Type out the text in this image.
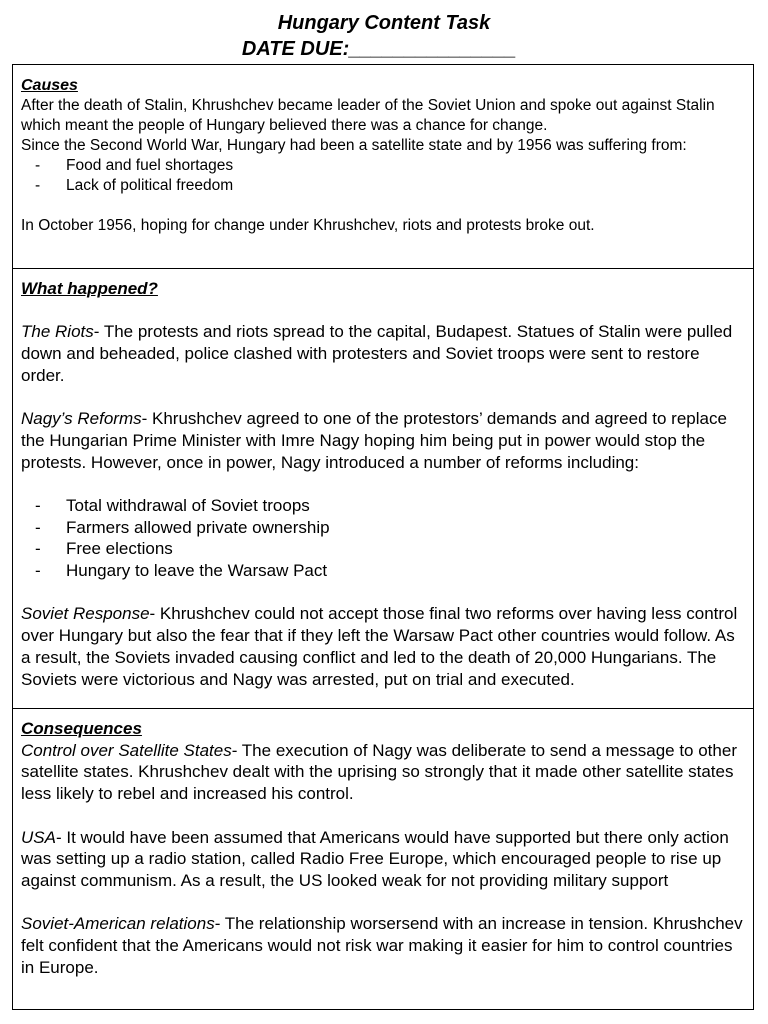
Hungary Content Task
DATE DUE:_______________
Causes

After the death of Stalin, Khrushchev became leader of the Soviet Union and spoke out against Stalin which meant the people of Hungary believed there was a chance for change.

Since the Second World War, Hungary had been a satellite state and by 1956 was suffering from:

- Food and fuel shortages
- Lack of political freedom

In October 1956, hoping for change under Khrushchev, riots and protests broke out.

What happened?

The Riots- The protests and riots spread to the capital, Budapest. Statues of Stalin were pulled down and beheaded, police clashed with protesters and Soviet troops were sent to restore order.

Nagy’s Reforms- Khrushchev agreed to one of the protestors’ demands and agreed to replace the Hungarian Prime Minister with Imre Nagy hoping him being put in power would stop the protests. However, once in power, Nagy introduced a number of reforms including:

- Total withdrawal of Soviet troops
- Farmers allowed private ownership
- Free elections
- Hungary to leave the Warsaw Pact

Soviet Response- Khrushchev could not accept those final two reforms over having less control over Hungary but also the fear that if they left the Warsaw Pact other countries would follow. As a result, the Soviets invaded causing conflict and led to the death of 20,000 Hungarians. The Soviets were victorious and Nagy was arrested, put on trial and executed.

Consequences

Control over Satellite States- The execution of Nagy was deliberate to send a message to other satellite states. Khrushchev dealt with the uprising so strongly that it made other satellite states less likely to rebel and increased his control.

USA- It would have been assumed that Americans would have supported but there only action was setting up a radio station, called Radio Free Europe, which encouraged people to rise up against communism. As a result, the US looked weak for not providing military support

Soviet-American relations- The relationship worsersend with an increase in tension. Khrushchev felt confident that the Americans would not risk war making it easier for him to control countries in Europe.
